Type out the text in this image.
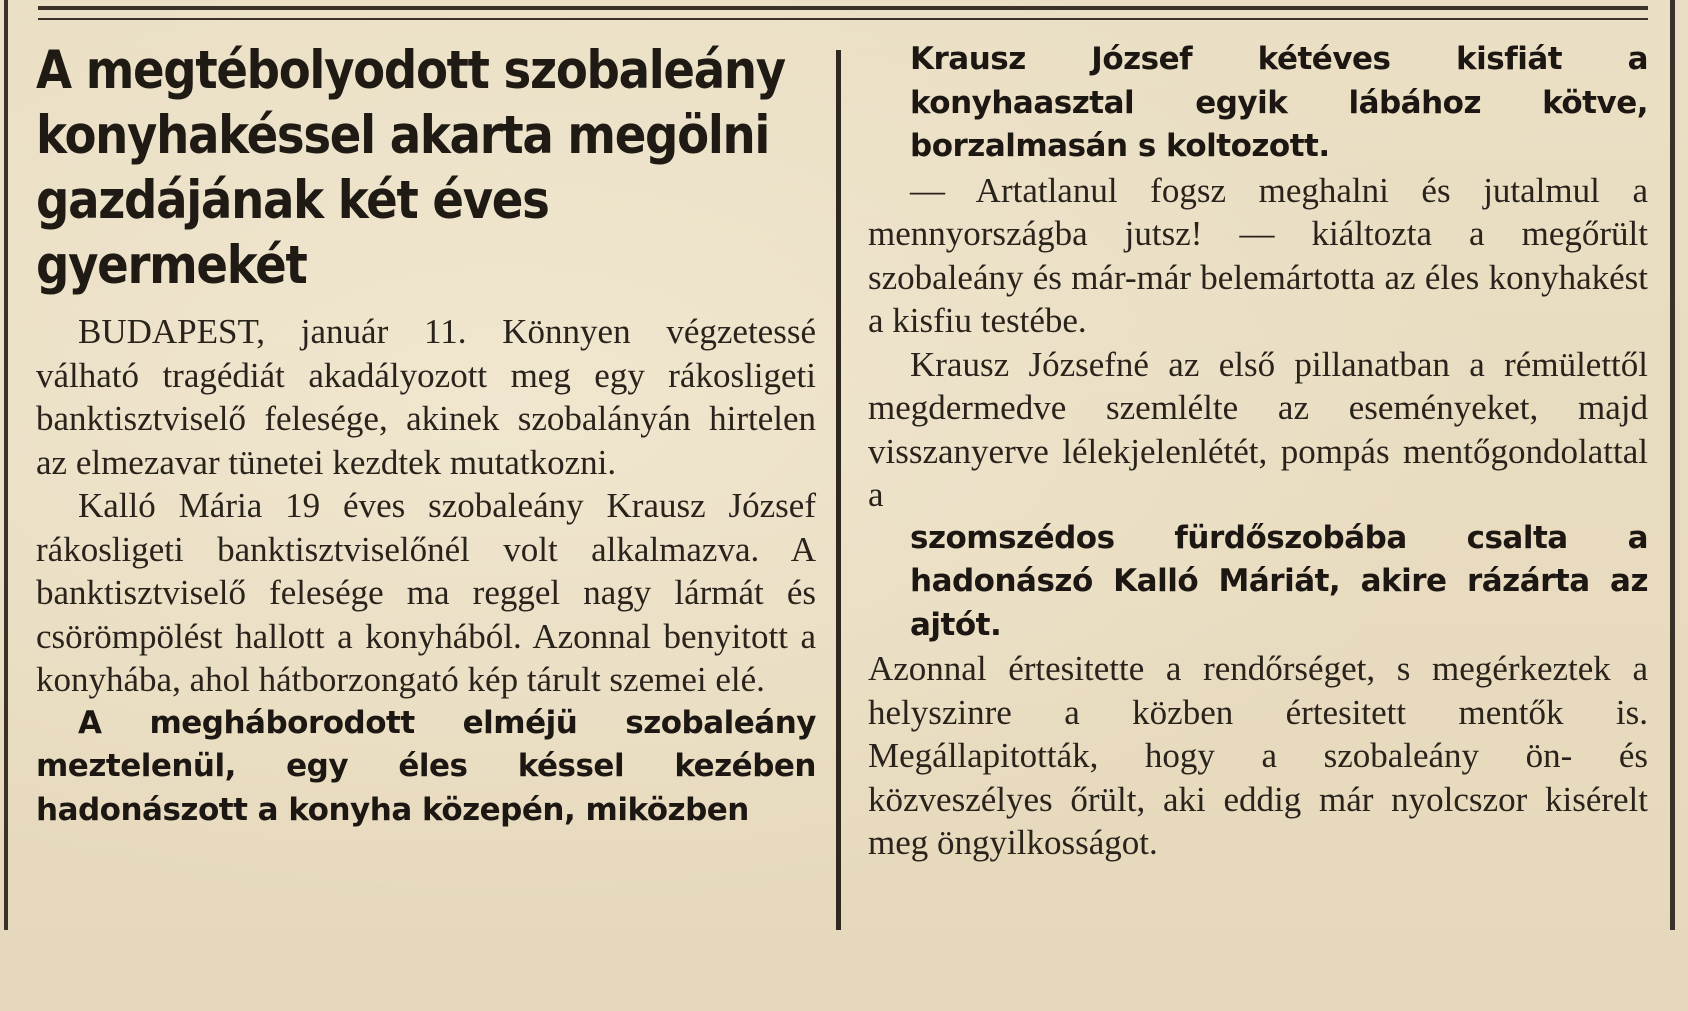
A megtébolyodott szobaleány konyhakéssel akarta megölni gazdájának két éves gyermekét

BUDAPEST, január 11. Könnyen végzetessé válható tragédiát akadályozott meg egy rákosligeti banktisztviselő felesége, akinek szobalányán hirtelen az elmezavar tünetei kezdtek mutatkozni.

Kalló Mária 19 éves szobaleány Krausz József rákosligeti banktisztviselőnél volt alkalmazva. A banktisztviselő felesége ma reggel nagy lármát és csörömpölést hallott a konyhából. Azonnal benyitott a konyhába, ahol hátborzongató kép tárult szemei elé.

A megháborodott elméjü szobaleány meztelenül, egy éles késsel kezében hadonászott a konyha közepén, miközben

Krausz József kétéves kisfiát a konyhaasztal egyik lábához kötve, borzalmasán s koltozott.

— Artatlanul fogsz meghalni és jutalmul a mennyországba jutsz! — kiáltozta a megőrült szobaleány és már-már belemártotta az éles konyhakést a kisfiu testébe.

Krausz Józsefné az első pillanatban a rémülettől megdermedve szemlélte az eseményeket, majd visszanyerve lélekjelenlétét, pompás mentőgondolattal a

szomszédos fürdőszobába csalta a hadonászó Kalló Máriát, akire rázárta az ajtót.

Azonnal értesitette a rendőrséget, s megérkeztek a helyszinre a közben értesitett mentők is. Megállapitották, hogy a szobaleány ön- és közveszélyes őrült, aki eddig már nyolcszor kisérelt meg öngyilkosságot.
